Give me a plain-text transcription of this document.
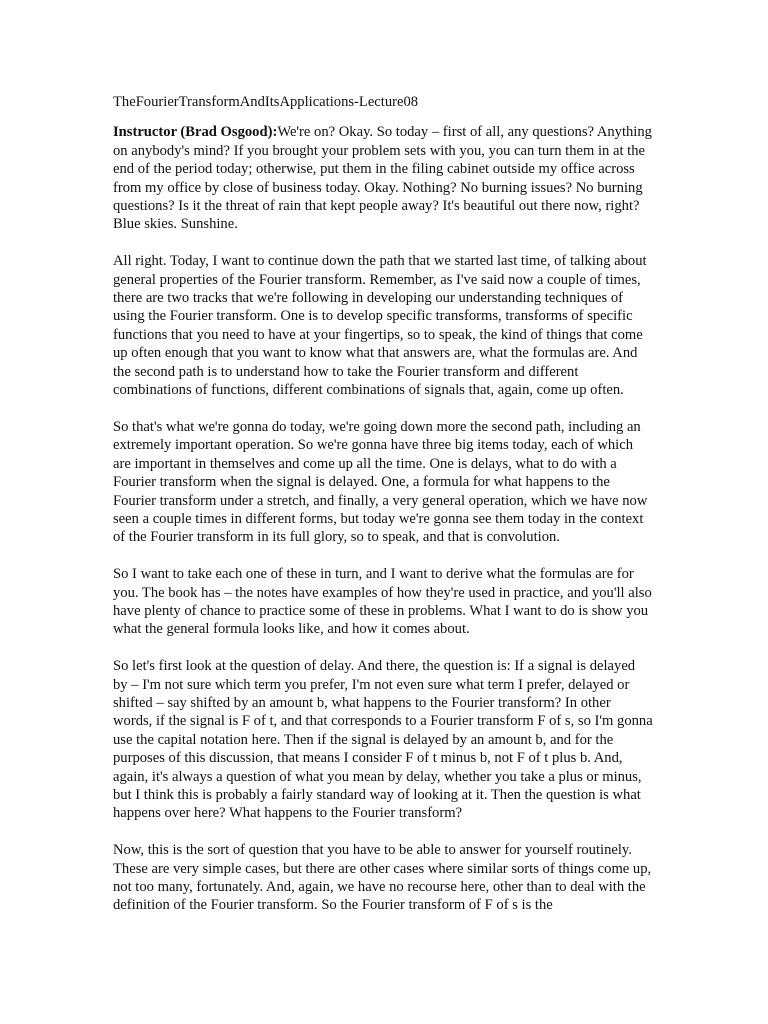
TheFourierTransformAndItsApplications-Lecture08

Instructor (Brad Osgood):We're on? Okay. So today – first of all, any questions? Anything on anybody's mind? If you brought your problem sets with you, you can turn them in at the end of the period today; otherwise, put them in the filing cabinet outside my office across from my office by close of business today. Okay. Nothing? No burning issues? No burning questions? Is it the threat of rain that kept people away? It's beautiful out there now, right? Blue skies. Sunshine.

All right. Today, I want to continue down the path that we started last time, of talking about general properties of the Fourier transform. Remember, as I've said now a couple of times, there are two tracks that we're following in developing our understanding techniques of using the Fourier transform. One is to develop specific transforms, transforms of specific functions that you need to have at your fingertips, so to speak, the kind of things that come up often enough that you want to know what that answers are, what the formulas are. And the second path is to understand how to take the Fourier transform and different combinations of functions, different combinations of signals that, again, come up often.

So that's what we're gonna do today, we're going down more the second path, including an extremely important operation. So we're gonna have three big items today, each of which are important in themselves and come up all the time. One is delays, what to do with a Fourier transform when the signal is delayed. One, a formula for what happens to the Fourier transform under a stretch, and finally, a very general operation, which we have now seen a couple times in different forms, but today we're gonna see them today in the context of the Fourier transform in its full glory, so to speak, and that is convolution.

So I want to take each one of these in turn, and I want to derive what the formulas are for you. The book has – the notes have examples of how they're used in practice, and you'll also have plenty of chance to practice some of these in problems. What I want to do is show you what the general formula looks like, and how it comes about.

So let's first look at the question of delay. And there, the question is: If a signal is delayed by – I'm not sure which term you prefer, I'm not even sure what term I prefer, delayed or shifted – say shifted by an amount b, what happens to the Fourier transform? In other words, if the signal is F of t, and that corresponds to a Fourier transform F of s, so I'm gonna use the capital notation here. Then if the signal is delayed by an amount b, and for the purposes of this discussion, that means I consider F of t minus b, not F of t plus b. And, again, it's always a question of what you mean by delay, whether you take a plus or minus, but I think this is probably a fairly standard way of looking at it. Then the question is what happens over here? What happens to the Fourier transform?

Now, this is the sort of question that you have to be able to answer for yourself routinely. These are very simple cases, but there are other cases where similar sorts of things come up, not too many, fortunately. And, again, we have no recourse here, other than to deal with the definition of the Fourier transform. So the Fourier transform of F of s is the
